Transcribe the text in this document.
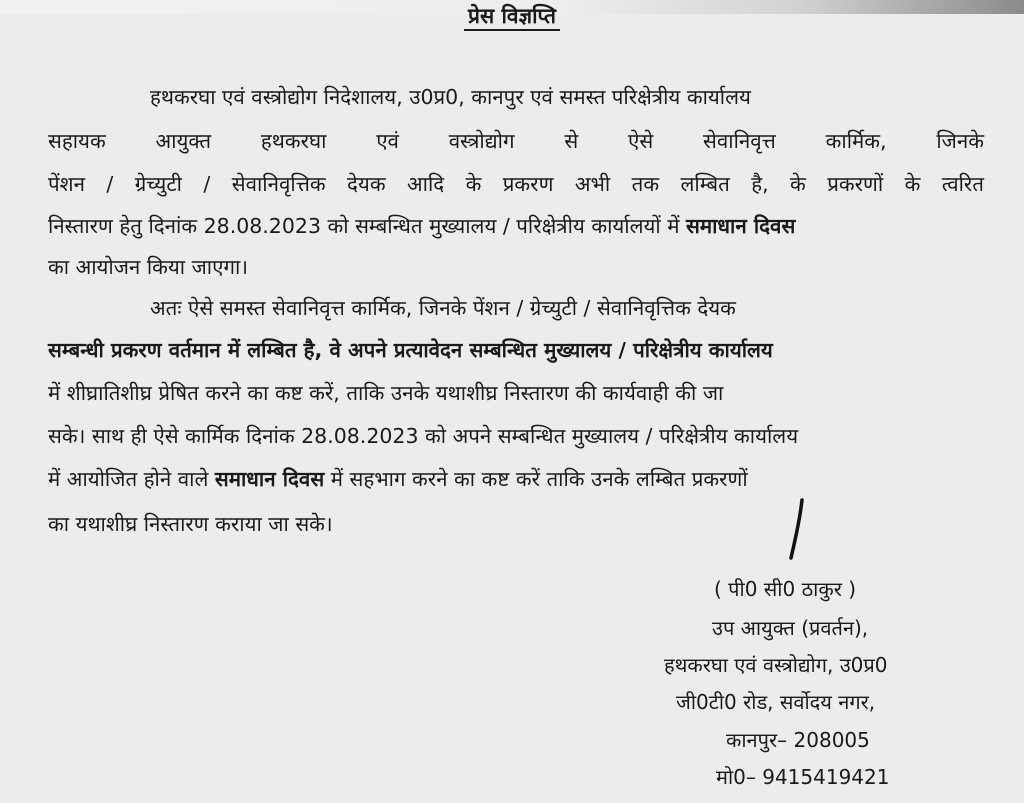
प्रेस विज्ञप्ति
हथकरघा एवं वस्त्रोद्योग निदेशालय, उ0प्र0, कानपुर एवं समस्त परिक्षेत्रीय कार्यालय
सहायक आयुक्त हथकरघा एवं वस्त्रोद्योग से ऐसे सेवानिवृत्त कार्मिक, जिनके
पेंशन / ग्रेच्युटी / सेवानिवृत्तिक देयक आदि के प्रकरण अभी तक लम्बित है, के प्रकरणों के त्वरित
निस्तारण हेतु दिनांक 28.08.2023 को सम्बन्धित मुख्यालय / परिक्षेत्रीय कार्यालयों में समाधान दिवस
का आयोजन किया जाएगा।
अतः ऐसे समस्त सेवानिवृत्त कार्मिक, जिनके पेंशन / ग्रेच्युटी / सेवानिवृत्तिक देयक
सम्बन्धी प्रकरण वर्तमान में लम्बित है, वे अपने प्रत्यावेदन सम्बन्धित मुख्यालय / परिक्षेत्रीय कार्यालय
में शीघ्रातिशीघ्र प्रेषित करने का कष्ट करें, ताकि उनके यथाशीघ्र निस्तारण की कार्यवाही की जा
सके। साथ ही ऐसे कार्मिक दिनांक 28.08.2023 को अपने सम्बन्धित मुख्यालय / परिक्षेत्रीय कार्यालय
में आयोजित होने वाले समाधान दिवस में सहभाग करने का कष्ट करें ताकि उनके लम्बित प्रकरणों
का यथाशीघ्र निस्तारण कराया जा सके।
( पी0 सी0 ठाकुर )
उप आयुक्त (प्रवर्तन),
हथकरघा एवं वस्त्रोद्योग, उ0प्र0
जी0टी0 रोड, सर्वोदय नगर,
कानपुर– 208005
मो0– 9415419421
